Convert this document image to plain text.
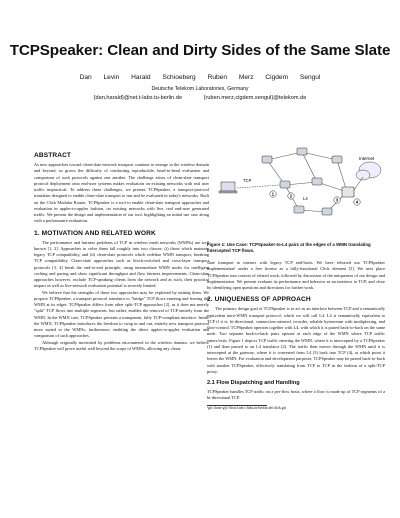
TCPSpeaker: Clean and Dirty Sides of the Same Slate
Dan Levin Harald Schioeberg Ruben Merz Cigdem Sengul
Deutsche Telekom Laboratories, Germany
{dan,harald}@net.t-labs.tu-berlin.de	{ruben.merz,cigdem.sengul}@telekom.de
ABSTRACT

As new approaches toward clean-slate network transport continue to emerge in the wireless domain and beyond, so grows the difficulty of conducting reproducible, head-to-head evaluation and comparison of such protocols against one another. The challenge arises of clean-slate transport protocol deployment onto end-user systems makes evaluation on existing networks with real user traffic impractical. To address these challenges, we present TCPSpeaker, a transport-protocol translator designed to enable clean-slate transport to run and be evaluated in today's networks. Built on the Click Modular Router, TCPSpeaker is a tool to enable clean-slate transport approaches and evaluation in apples-to-apples fashion, on existing networks with live, real end-user generated traffic. We present the design and implementation of our tool, highlighting an initial use case along with a performance evaluation.

1. MOTIVATION AND RELATED WORK

The performance and fairness problems of TCP in wireless mesh networks (WMNs) are well known [1, 2]. Approaches to solve them fall roughly into two classes: (i) those which maintain legacy TCP compatibility, and (ii) clean-slate protocols which redefine WMN transport, breaking TCP compatibility. Clean-slate approaches such as block-switched and cross-layer transport protocols [3, 4] break the end-to-end principle, using intermediate WMN nodes for intelligent caching and pacing and show significant throughput and flow fairness improvements. Clean-slate approaches however, exclude TCP-speaking clients from the network and as such, their practical impact as well as live-network evaluation potential is severely limited.

We believe that the strengths of these two approaches may be exploited by uniting them. We propose TCPSpeaker, a transport protocol translator to "bridge" TCP flows entering and leaving the WMN at its edges. TCPSpeaker differs from other split-TCP approaches [2], as it does not merely "split" TCP flows into multiple segments, but rather, enables the removal of TCP entirely from the WMN. In the WMN core, TCPSpeaker presents a transparent, fully TCP-compliant interface. Inside the WMN, TCPSpeaker introduces the freedom to swap in and out, entirely new transport protocol more suited to the WMNs, furthermore, enabling the direct apples-to-apples evaluation and comparison of such approaches.

Although originally motivated by problems encountered in the wireless domain, we believe TCPSpeaker will prove useful well beyond the scope of WMNs, allowing any clean-

Internet
TCP
L4
1	2
3	4
Figure 1: Use Case: TCPSpeaker-to-L4 pairs at the edges of a WMN translating intercepted TCP flows.

slate transport to interact with legacy TCP end-hosts. We have released our TCPSpeaker implementation¹ under a free license as a fully-functional Click element [5]. We next place TCPSpeaker into context of related work, followed by discussion of the uniqueness of our design and implementation. We present evaluate its performance and behavior as an interface to TCP, and close by identifying open questions and directions for further work.

2. UNIQUENESS OF APPROACH

The primary design goal of TCPSpeaker is to act as an interface between TCP and a semantically equivalent intra-WMN transport protocol, which we will call L4. L4 is semantically equivalent to TCP if it is: bi-directional, connection-oriented, in-order, reliable bytestream with multiplexing, and flow-control. TCPSpeaker operates together with L4, with which it is paired back-to-back on the same node. Two separate back-to-back pairs operate at each edge of the WMN where TCP traffic enters/exits. Figure 1 depicts TCP traffic entering the WMN, where it is intercepted by a TCPSpeaker (1) and then passed to an L4 translator (2). The traffic then moves through the WMN until it is intercepted at the gateway, where it is converted from L4 (3) back into TCP (4), at which point it leaves the WMN. For evaluation and development purposes, TCPSpeaker may be paired back-to-back with another TCPSpeaker, effectively translating from TCP to TCP in the fashion of a split-TCP proxy.

2.1 Flow Dispatching and Handling

TCPSpeaker handles TCP traffic on a per-flow basis, where a flow is made up of TCP segments of a bi-directional TCP

¹git clone git://howl.net.t-labs.tu-berlin.de/click.git
